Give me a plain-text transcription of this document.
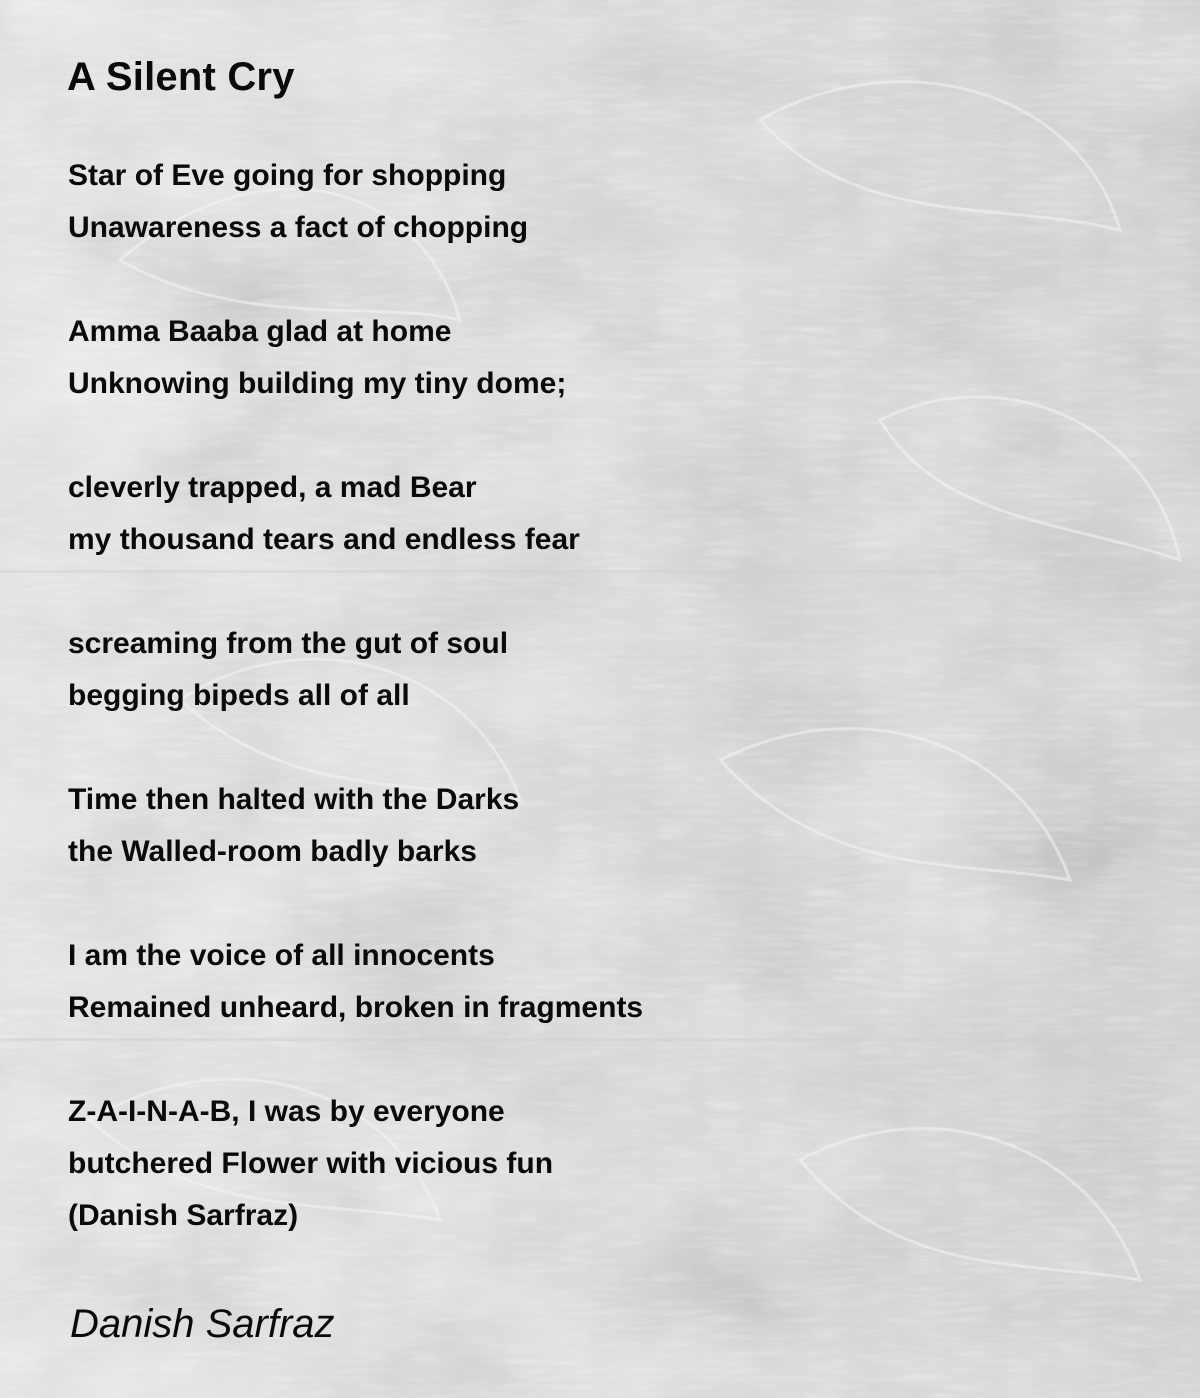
A Silent Cry
Star of Eve going for shopping
Unawareness a fact of chopping
Amma Baaba glad at home
Unknowing building my tiny dome;
cleverly trapped, a mad Bear
my thousand tears and endless fear
screaming from the gut of soul
begging bipeds all of all
Time then halted with the Darks
the Walled-room badly barks
I am the voice of all innocents
Remained unheard, broken in fragments
Z-A-I-N-A-B, I was by everyone
butchered Flower with vicious fun
(Danish Sarfraz)
Danish Sarfraz
